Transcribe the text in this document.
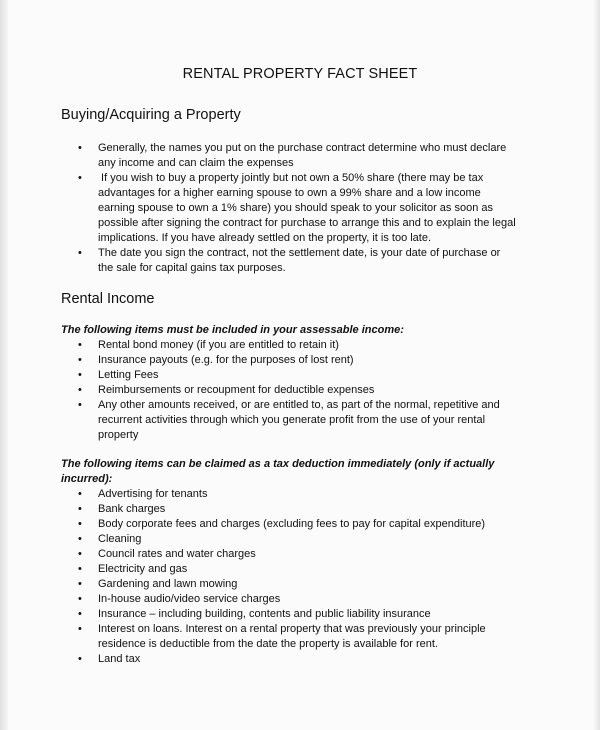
RENTAL PROPERTY FACT SHEET
Buying/Acquiring a Property
• Generally, the names you put on the purchase contract determine who must declare any income and can claim the expenses
•  If you wish to buy a property jointly but not own a 50% share (there may be tax advantages for a higher earning spouse to own a 99% share and a low income earning spouse to own a 1% share) you should speak to your solicitor as soon as possible after signing the contract for purchase to arrange this and to explain the legal implications. If you have already settled on the property, it is too late.
• The date you sign the contract, not the settlement date, is your date of purchase or the sale for capital gains tax purposes.
Rental Income
The following items must be included in your assessable income:
• Rental bond money (if you are entitled to retain it)
• Insurance payouts (e.g. for the purposes of lost rent)
• Letting Fees
• Reimbursements or recoupment for deductible expenses
• Any other amounts received, or are entitled to, as part of the normal, repetitive and recurrent activities through which you generate profit from the use of your rental property
The following items can be claimed as a tax deduction immediately (only if actually incurred):
• Advertising for tenants
• Bank charges
• Body corporate fees and charges (excluding fees to pay for capital expenditure)
• Cleaning
• Council rates and water charges
• Electricity and gas
• Gardening and lawn mowing
• In-house audio/video service charges
• Insurance – including building, contents and public liability insurance
• Interest on loans. Interest on a rental property that was previously your principle residence is deductible from the date the property is available for rent.
• Land tax
